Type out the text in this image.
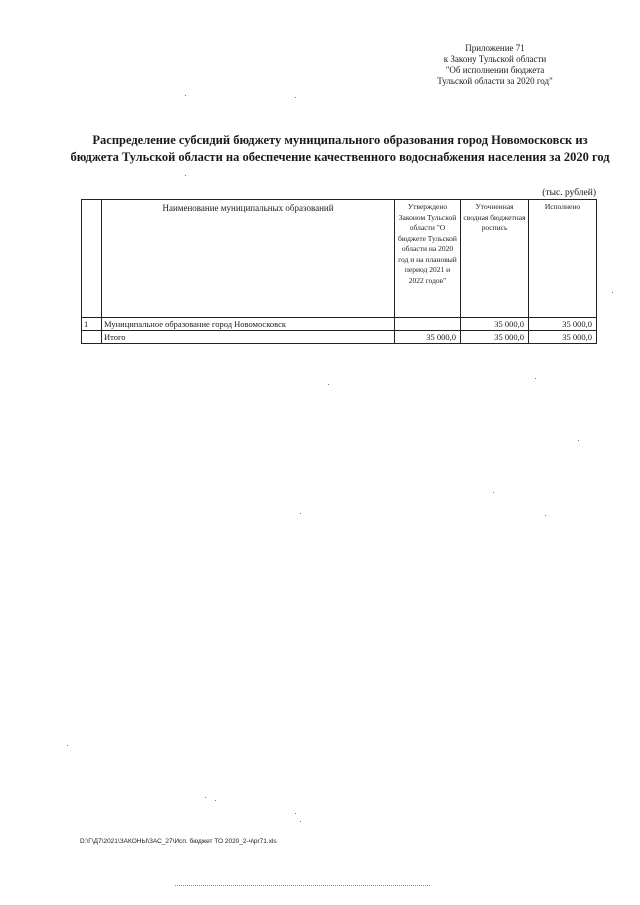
Приложение 71
к Закону Тульской области
"Об исполнении бюджета
Тульской области за 2020 год"
Распределение субсидий бюджету муниципального образования город Новомосковск из
бюджета Тульской области на обеспечение качественного водоснабжения населения за 2020 год
(тыс. рублей)
	Наименование муниципальных образований	Утверждено Законом Тульской области "О бюджете Тульской области на 2020 год и на плановый период 2021 и 2022 годов"	Уточненная сводная бюджетная роспись	Исполнено
1	Муниципальное образование город Новомосковск		35 000,0	35 000,0
	Итого	35 000,0	35 000,0	35 000,0
D:\Г\Д7\2021\ЗАКОНЫ\ЗАС_27\Исп. бюджет ТО 2020_2-ч\pr71.xls
